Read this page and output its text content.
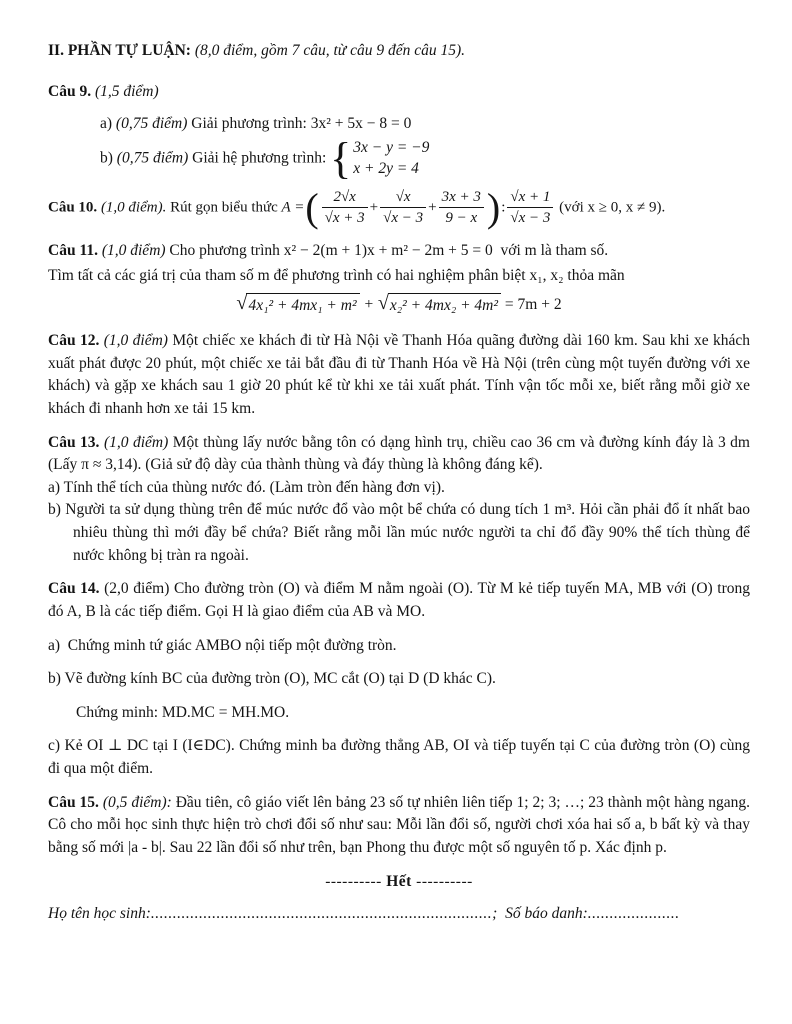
II. PHẦN TỰ LUẬN: (8,0 điểm, gồm 7 câu, từ câu 9 đến câu 15).

Câu 9. (1,5 điểm)

a) (0,75 điểm) Giải phương trình: 3x² + 5x − 8 = 0

b) (0,75 điểm) Giải hệ phương trình: { 3x − y = −9
x + 2y = 4

Câu 10. (1,0 điểm). Rút gọn biểu thức A =( $\frac{2√x}{√x + 3} + \frac{√x}{√x - 3} + \frac{3x + 3}{9 - x}$ ): $\frac{√x + 1}{√x - 3}$ (với x ≥ 0, x ≠ 9).

Câu 11. (1,0 điểm) Cho phương trình x² − 2(m + 1)x + m² − 2m + 5 = 0 với m là tham số.

Tìm tất cả các giá trị của tham số m để phương trình có hai nghiệm phân biệt x₁, x₂ thỏa mãn

√ 4x₁² + 4mx₁ + m² + √ x₂² + 4mx₂ + 4m² = 7m + 2

Câu 12. (1,0 điểm) Một chiếc xe khách đi từ Hà Nội về Thanh Hóa quãng đường dài 160 km. Sau khi xe khách xuất phát được 20 phút, một chiếc xe tải bắt đầu đi từ Thanh Hóa về Hà Nội (trên cùng một tuyến đường với xe khách) và gặp xe khách sau 1 giờ 20 phút kể từ khi xe tải xuất phát. Tính vận tốc mỗi xe, biết rằng mỗi giờ xe khách đi nhanh hơn xe tải 15 km.

Câu 13. (1,0 điểm) Một thùng lấy nước bằng tôn có dạng hình trụ, chiều cao 36 cm và đường kính đáy là 3 dm (Lấy π ≈ 3,14). (Giả sử độ dày của thành thùng và đáy thùng là không đáng kể).

a) Tính thể tích của thùng nước đó. (Làm tròn đến hàng đơn vị).

b) Người ta sử dụng thùng trên để múc nước đổ vào một bể chứa có dung tích 1 m³. Hỏi cần phải đổ ít nhất bao nhiêu thùng thì mới đầy bể chứa? Biết rằng mỗi lần múc nước người ta chỉ đổ đầy 90% thể tích thùng để nước không bị tràn ra ngoài.

Câu 14. (2,0 điểm) Cho đường tròn (O) và điểm M nằm ngoài (O). Từ M kẻ tiếp tuyến MA, MB với (O) trong đó A, B là các tiếp điểm. Gọi H là giao điểm của AB và MO.

a) Chứng minh tứ giác AMBO nội tiếp một đường tròn.

b) Vẽ đường kính BC của đường tròn (O), MC cắt (O) tại D (D khác C).

Chứng minh: MD.MC = MH.MO.

c) Kẻ OI ⊥ DC tại I (I∈DC). Chứng minh ba đường thẳng AB, OI và tiếp tuyến tại C của đường tròn (O) cùng đi qua một điểm.

Câu 15. (0,5 điểm): Đầu tiên, cô giáo viết lên bảng 23 số tự nhiên liên tiếp 1; 2; 3; …; 23 thành một hàng ngang. Cô cho mỗi học sinh thực hiện trò chơi đổi số như sau: Mỗi lần đổi số, người chơi xóa hai số a, b bất kỳ và thay bằng số mới |a - b|. Sau 22 lần đổi số như trên, bạn Phong thu được một số nguyên tố p. Xác định p.

---------- Hết ----------

Họ tên học sinh:..............................................................................; Số báo danh:.....................
